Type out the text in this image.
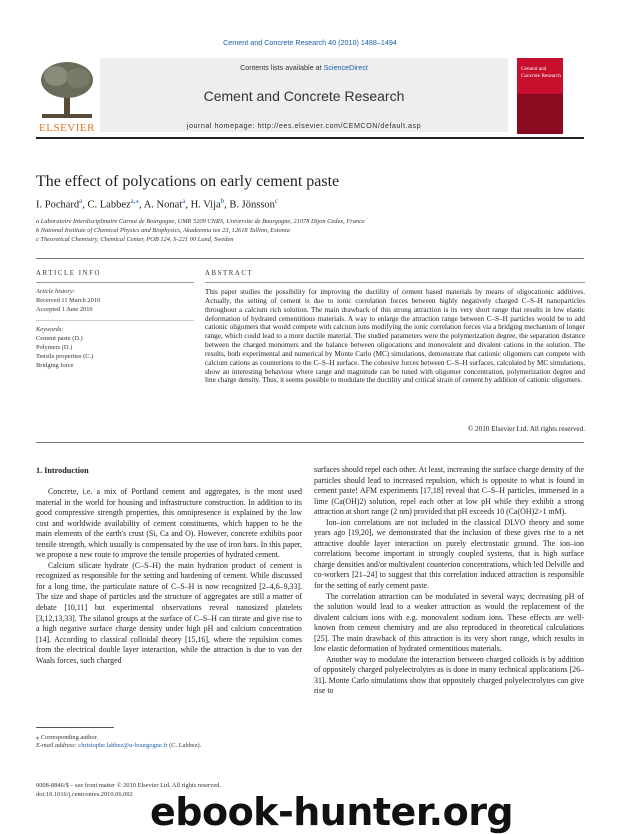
Cement and Concrete Research 40 (2010) 1488–1494
ELSEVIER
Contents lists available at ScienceDirect
Cement and Concrete Research
journal homepage: http://ees.elsevier.com/CEMCON/default.asp
Cement and Concrete Research
The effect of polycations on early cement paste
I. Pochard$^a$, C. Labbez$^{a,⁎}$, A. Nonat$^a$, H. Vija$^b$, B. Jönsson$^c$
a Laboratoire Interdisciplinaire Carnot de Bourgogne, UMR 5209 CNRS, Universite de Bourgogne, 21078 Dijon Cedex, France
b National Institute of Chemical Physics and Biophysics, Akadeemia tee 23, 12618 Tallinn, Estonia
c Theoretical Chemistry, Chemical Center, POB 124, S-221 00 Lund, Sweden
ARTICLE INFO
Article history:
Received 11 March 2010
Accepted 1 June 2010
Keywords:
Cement paste (D.)
Polymers (D.)
Tensile properties (C.)
Bridging force
ABSTRACT
This paper studies the possibility for improving the ductility of cement based materials by means of oligocationic additives. Actually, the setting of cement is due to ionic correlation forces between highly negatively charged C–S–H nanoparticles throughout a calcium rich solution. The main drawback of this strong attraction is its very short range that results in low elastic deformation of hydrated cementitious materials. A way to enlarge the attraction range between C–S–H particles would be to add cationic oligomers that would compete with calcium ions modifying the ionic correlation forces via a bridging mechanism of longer range, which could lead to a more ductile material. The studied parameters were the polymerization degree, the separation distance between the charged monomers and the balance between oligocations and monovalent and divalent cations in the solution. The results, both experimental and numerical by Monte Carlo (MC) simulations, demonstrate that cationic oligomers can compete with calcium cations as counterions to the C–S–H surface. The cohesive forces between C–S–H surfaces, calculated by MC simulations, show an interesting behaviour where range and magnitude can be tuned with oligomer concentration, polymerization degree and line charge density. Thus, it seems possible to modulate the ductility and critical strain of cement by addition of cationic oligomers.
© 2010 Elsevier Ltd. All rights reserved.
1. Introduction

Concrete, i.e. a mix of Portland cement and aggregates, is the most used material in the world for housing and infrastructure construction. In addition to its good compressive strength properties, this omnipresence is explained by the low cost and worldwide availability of cement constituents, which happen to be the main elements of the earth's crust (Si, Ca and O). However, concrete exhibits poor tensile strength, which usually is compensated by the use of iron bars. In this paper, we propose a new route to improve the tensile properties of hydrated cement.

Calcium silicate hydrate (C–S–H) the main hydration product of cement is recognized as responsible for the setting and hardening of cement. While discussed for a long time, the particulate nature of C–S–H is now recognized [2–4,6–9,33]. The size and shape of particles and the structure of aggregates are still a matter of debate [10,11] but experimental observations reveal nanosized platelets [3,12,13,33]. The silanol groups at the surface of C–S–H can titrate and give rise to a high negative surface charge density under high pH and calcium concentration [14]. According to classical colloidal theory [15,16], where the repulsion comes from the electrical double layer interaction, while the attraction is due to van der Waals forces, such charged

surfaces should repel each other. At least, increasing the surface charge density of the particles should lead to increased repulsion, which is opposite to what is found in cement paste! AFM experiments [17,18] reveal that C–S–H particles, immersed in a lime (Ca(OH)2) solution, repel each other at low pH while they exhibit a strong attraction at short range (2 nm) provided that pH exceeds 10 (Ca(OH)2>1 mM).

Ion–ion correlations are not included in the classical DLVO theory and some years ago [19,20], we demonstrated that the inclusion of these gives rise to a net attractive double layer interaction on purely electrostatic ground. The ion–ion correlations become important in strongly coupled systems, that is high surface charge densities and/or multivalent counterion concentrations, which led Delville and co-workers [21–24] to suggest that this correlation induced attraction is responsible for the setting of early cement paste.

The correlation attraction can be modulated in several ways; decreasing pH of the solution would lead to a weaker attraction as would the replacement of the divalent calcium ions with e.g. monovalent sodium ions. These effects are well-known from cement chemistry and are also reproduced in theoretical calculations [25]. The main drawback of this attraction is its very short range, which results in low elastic deformation of hydrated cementitious materials.

Another way to modulate the interaction between charged colloids is by addition of oppositely charged polyelectrolytes as is done in many technical applications [26–31]. Monte Carlo simulations show that oppositely charged polyelectrolytes can give rise to

⁎ Corresponding author.
E-mail address: christophe.labbez@u-bourgogne.fr (C. Labbez).
0008-8846/$ – see front matter © 2010 Elsevier Ltd. All rights reserved.
doi:10.1016/j.cemconres.2010.06.002 ebook-hunter.org
